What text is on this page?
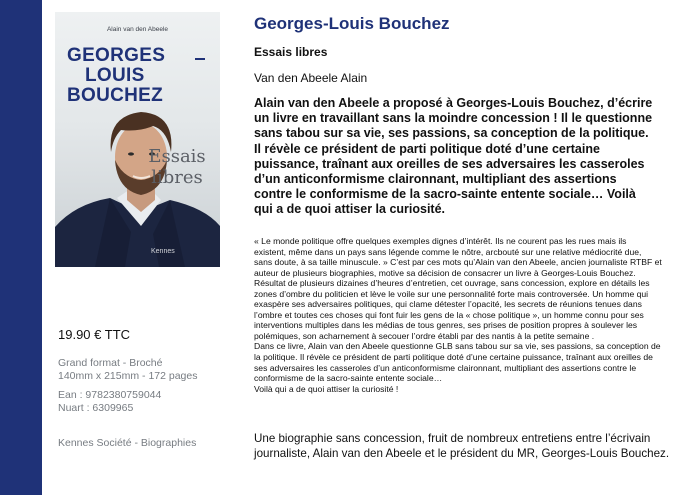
Alain van den Abeele
GEORGES
LOUIS
BOUCHEZ
Essais
libres
Kennes
19.90 € TTC
Grand format - Broché
140mm x 215mm - 172 pages
Ean : 9782380759044
Nuart : 6309965
Kennes Société - Biographies
Georges-Louis Bouchez
Essais libres
Van den Abeele Alain
Alain van den Abeele a proposé à Georges-Louis Bouchez, d’écrire
un livre en travaillant sans la moindre concession ! Il le questionne
sans tabou sur sa vie, ses passions, sa conception de la politique.
Il révèle ce président de parti politique doté d’une certaine
puissance, traînant aux oreilles de ses adversaires les casseroles
d’un anticonformisme claironnant, multipliant des assertions
contre le conformisme de la sacro-sainte entente sociale… Voilà
qui a de quoi attiser la curiosité.
« Le monde politique offre quelques exemples dignes d’intérêt. Ils ne courent pas les rues mais ils
existent, même dans un pays sans légende comme le nôtre, arcbouté sur une relative médiocrité due,
sans doute, à sa taille minuscule. » C’est par ces mots qu’Alain van den Abeele, ancien journaliste RTBF et
auteur de plusieurs biographies, motive sa décision de consacrer un livre à Georges-Louis Bouchez.
Résultat de plusieurs dizaines d’heures d’entretien, cet ouvrage, sans concession, explore en détails les
zones d’ombre du politicien et lève le voile sur une personnalité forte mais controversée. Un homme qui
exaspère ses adversaires politiques, qui clame détester l’opacité, les secrets de réunions tenues dans
l’ombre et toutes ces choses qui font fuir les gens de la « chose politique », un homme connu pour ses
interventions multiples dans les médias de tous genres, ses prises de position propres à soulever les
polémiques, son acharnement à secouer l’ordre établi par des nantis à la petite semaine .
Dans ce livre, Alain van den Abeele questionne GLB sans tabou sur sa vie, ses passions, sa conception de
la politique. Il révèle ce président de parti politique doté d’une certaine puissance, traînant aux oreilles de
ses adversaires les casseroles d’un anticonformisme claironnant, multipliant des assertions contre le
conformisme de la sacro-sainte entente sociale…
Voilà qui a de quoi attiser la curiosité !
Une biographie sans concession, fruit de nombreux entretiens entre l’écrivain
journaliste, Alain van den Abeele et le président du MR, Georges-Louis Bouchez.
